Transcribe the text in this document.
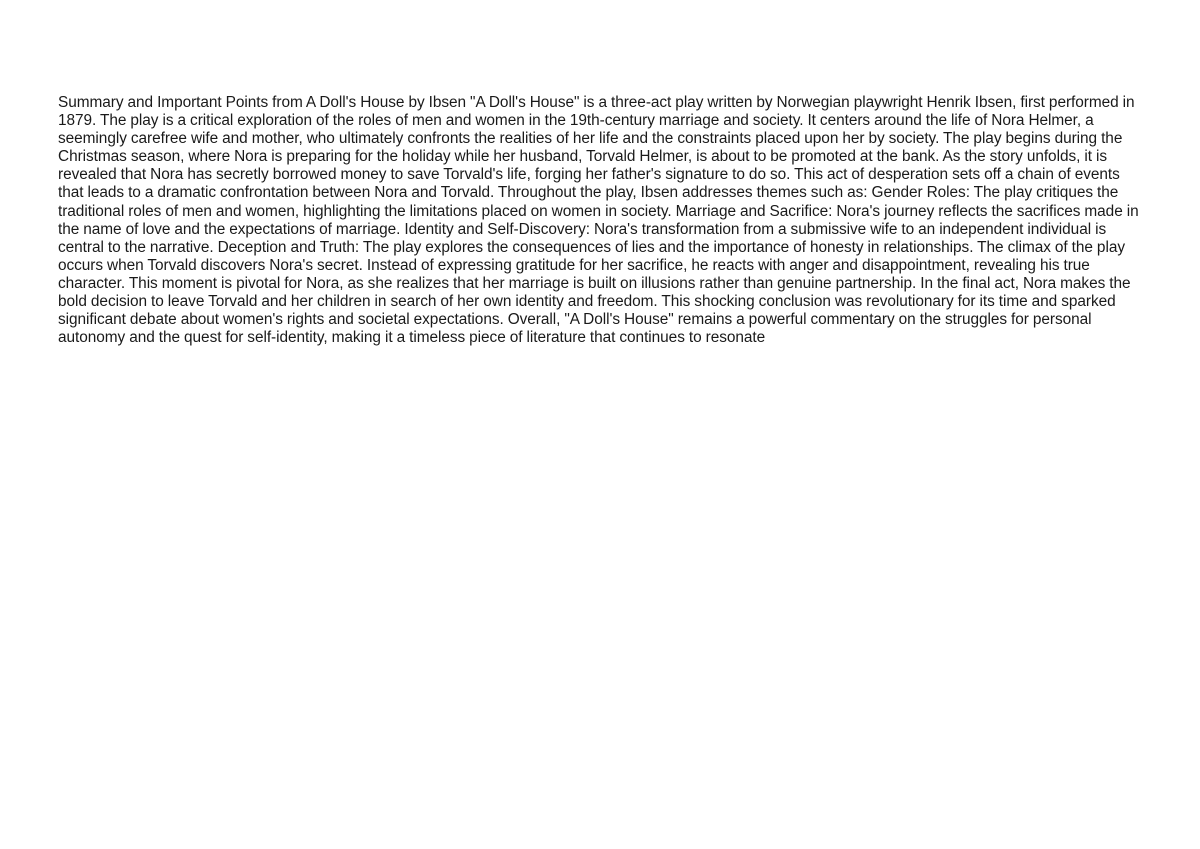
Summary and Important Points from A Doll's House by Ibsen "A Doll's House" is a three-act play written by Norwegian playwright Henrik Ibsen, first performed in 1879. The play is a critical exploration of the roles of men and women in the 19th-century marriage and society. It centers around the life of Nora Helmer, a seemingly carefree wife and mother, who ultimately confronts the realities of her life and the constraints placed upon her by society. The play begins during the Christmas season, where Nora is preparing for the holiday while her husband, Torvald Helmer, is about to be promoted at the bank. As the story unfolds, it is revealed that Nora has secretly borrowed money to save Torvald's life, forging her father's signature to do so. This act of desperation sets off a chain of events that leads to a dramatic confrontation between Nora and Torvald. Throughout the play, Ibsen addresses themes such as: Gender Roles: The play critiques the traditional roles of men and women, highlighting the limitations placed on women in society. Marriage and Sacrifice: Nora's journey reflects the sacrifices made in the name of love and the expectations of marriage. Identity and Self-Discovery: Nora's transformation from a submissive wife to an independent individual is central to the narrative. Deception and Truth: The play explores the consequences of lies and the importance of honesty in relationships. The climax of the play occurs when Torvald discovers Nora's secret. Instead of expressing gratitude for her sacrifice, he reacts with anger and disappointment, revealing his true character. This moment is pivotal for Nora, as she realizes that her marriage is built on illusions rather than genuine partnership. In the final act, Nora makes the bold decision to leave Torvald and her children in search of her own identity and freedom. This shocking conclusion was revolutionary for its time and sparked significant debate about women's rights and societal expectations. Overall, "A Doll's House" remains a powerful commentary on the struggles for personal autonomy and the quest for self-identity, making it a timeless piece of literature that continues to resonate
